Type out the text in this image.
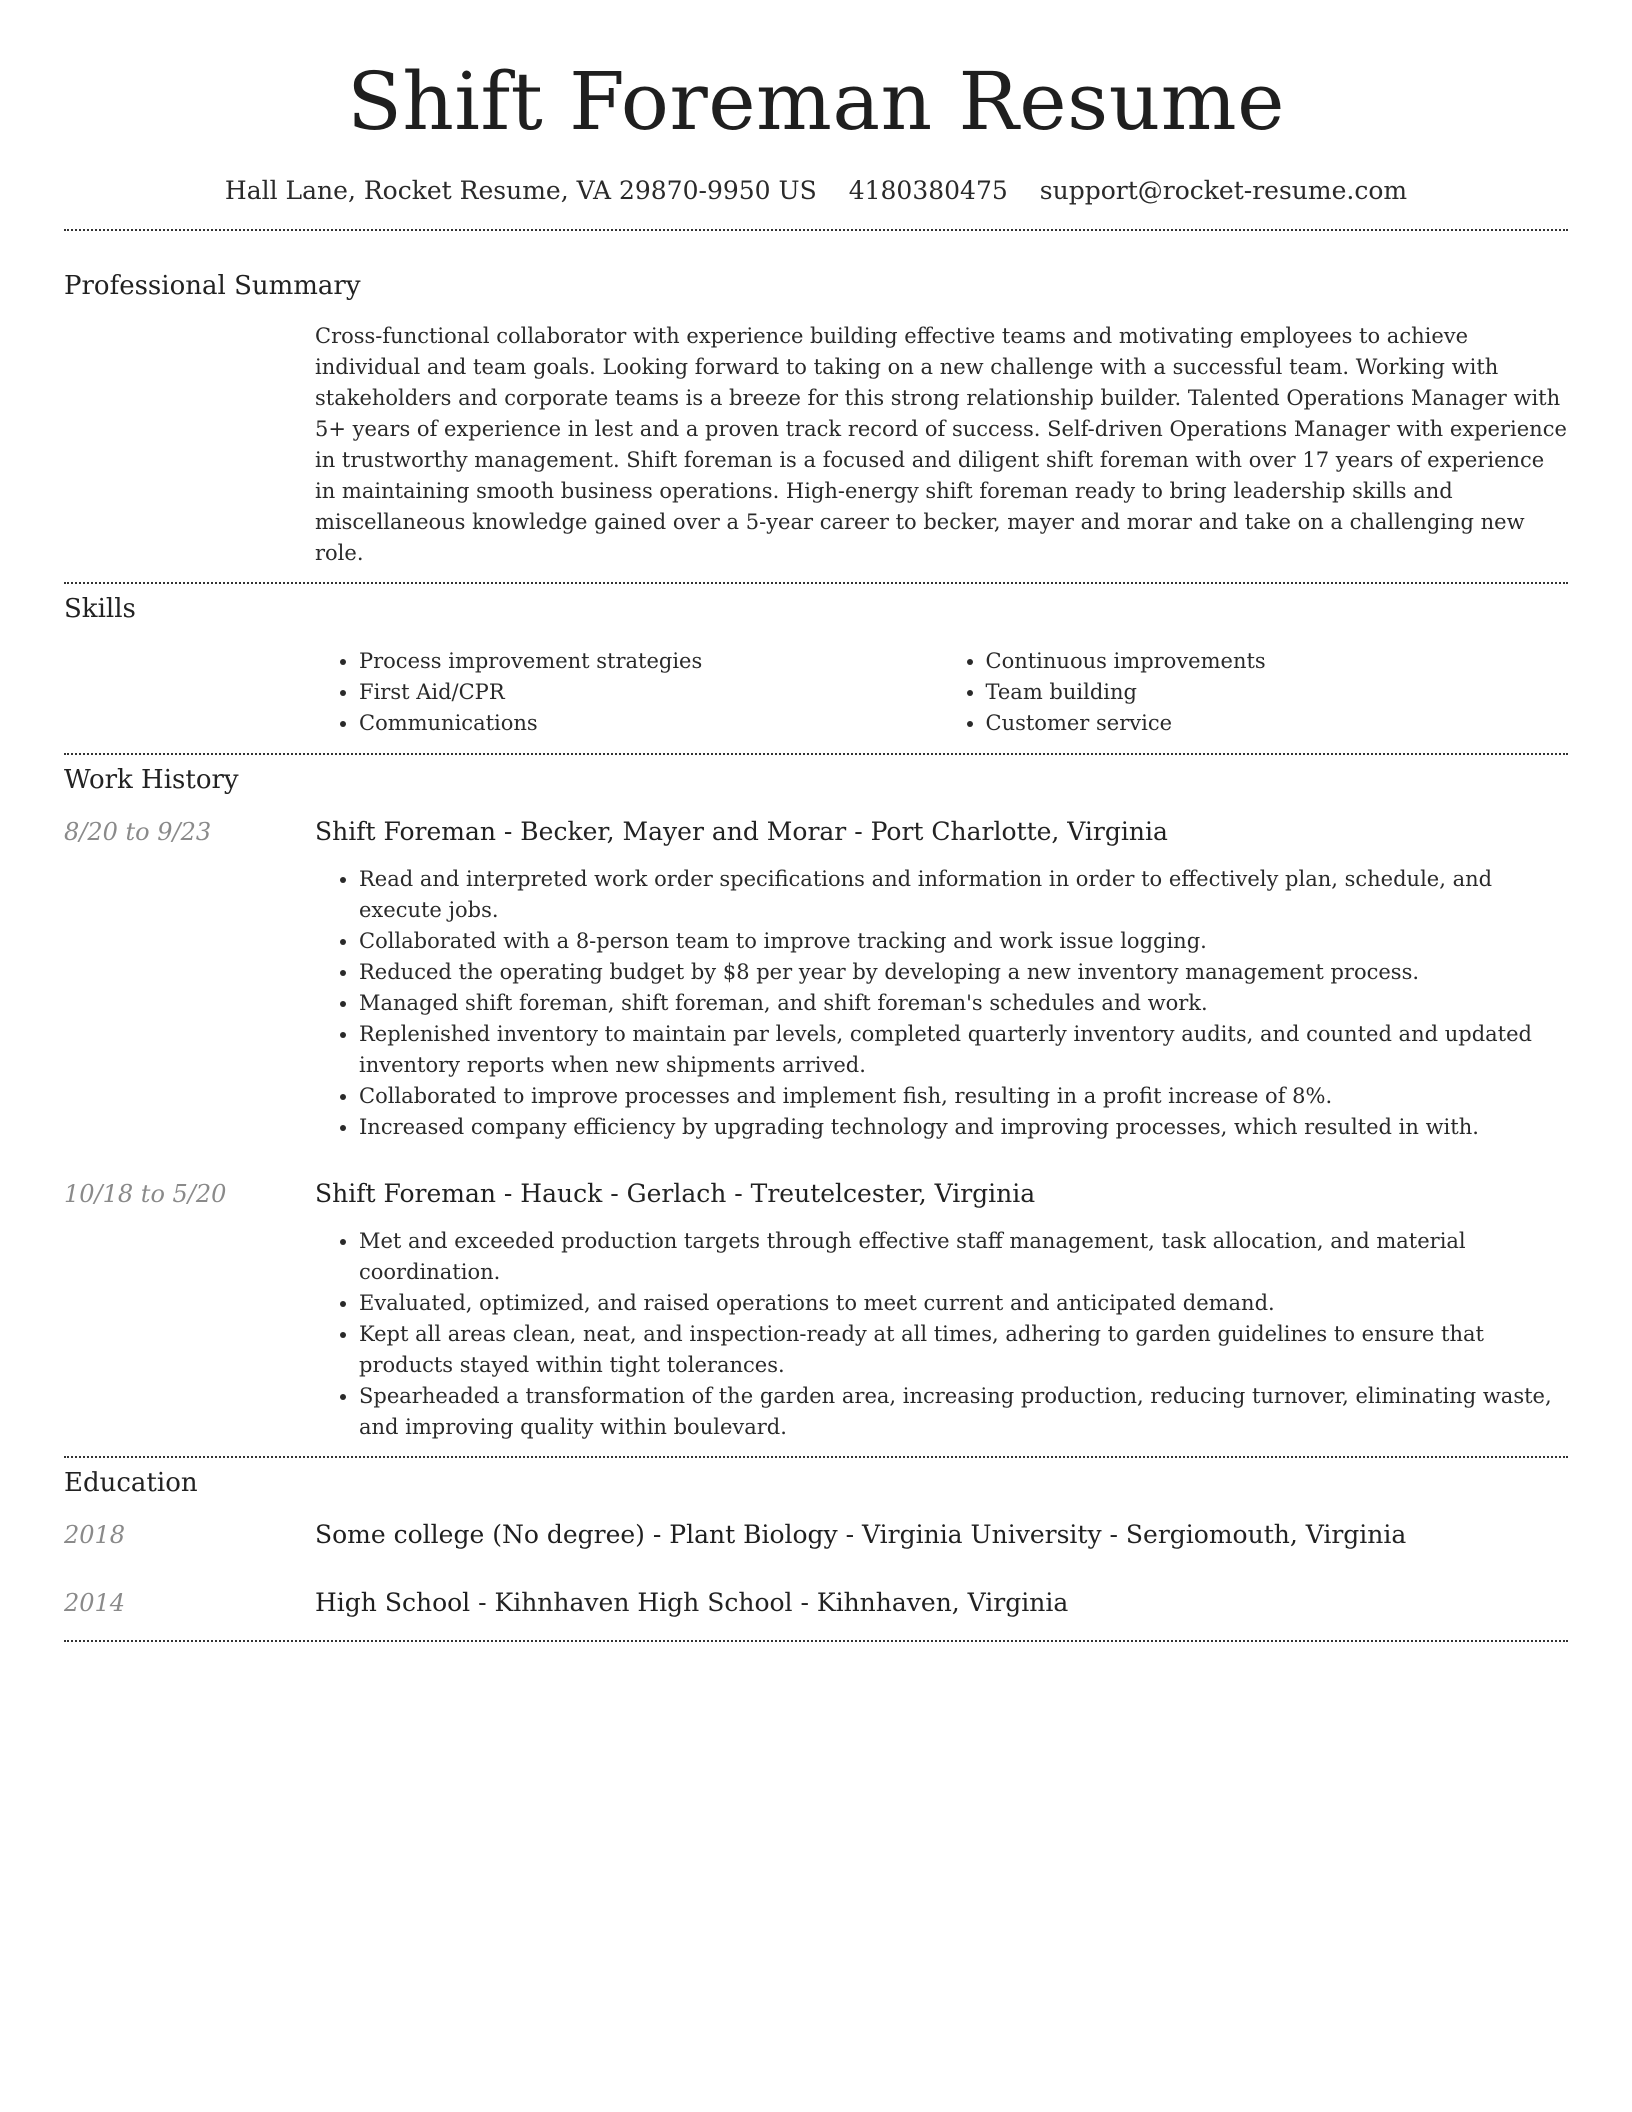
Shift Foreman Resume
Hall Lane, Rocket Resume, VA 29870-9950 US 4180380475 support@rocket-resume.com
Professional Summary

Cross-functional collaborator with experience building effective teams and motivating employees to achieve individual and team goals. Looking forward to taking on a new challenge with a successful team. Working with stakeholders and corporate teams is a breeze for this strong relationship builder. Talented Operations Manager with 5+ years of experience in lest and a proven track record of success. Self-driven Operations Manager with experience in trustworthy management. Shift foreman is a focused and diligent shift foreman with over 17 years of experience in maintaining smooth business operations. High-energy shift foreman ready to bring leadership skills and miscellaneous knowledge gained over a 5-year career to becker, mayer and morar and take on a challenging new role.

Skills
• Process improvement strategies
• First Aid/CPR
• Communications
• Continuous improvements
• Team building
• Customer service
Work History
8/20 to 9/23	Shift Foreman - Becker, Mayer and Morar - Port Charlotte, Virginia
• Read and interpreted work order specifications and information in order to effectively plan, schedule, and execute jobs.
• Collaborated with a 8-person team to improve tracking and work issue logging.
• Reduced the operating budget by $8 per year by developing a new inventory management process.
• Managed shift foreman, shift foreman, and shift foreman's schedules and work.
• Replenished inventory to maintain par levels, completed quarterly inventory audits, and counted and updated inventory reports when new shipments arrived.
• Collaborated to improve processes and implement fish, resulting in a profit increase of 8%.
• Increased company efficiency by upgrading technology and improving processes, which resulted in with.
10/18 to 5/20	Shift Foreman - Hauck - Gerlach - Treutelcester, Virginia
• Met and exceeded production targets through effective staff management, task allocation, and material coordination.
• Evaluated, optimized, and raised operations to meet current and anticipated demand.
• Kept all areas clean, neat, and inspection-ready at all times, adhering to garden guidelines to ensure that products stayed within tight tolerances.
• Spearheaded a transformation of the garden area, increasing production, reducing turnover, eliminating waste, and improving quality within boulevard.
Education
2018	Some college (No degree) - Plant Biology - Virginia University - Sergiomouth, Virginia
2014	High School - Kihnhaven High School - Kihnhaven, Virginia
